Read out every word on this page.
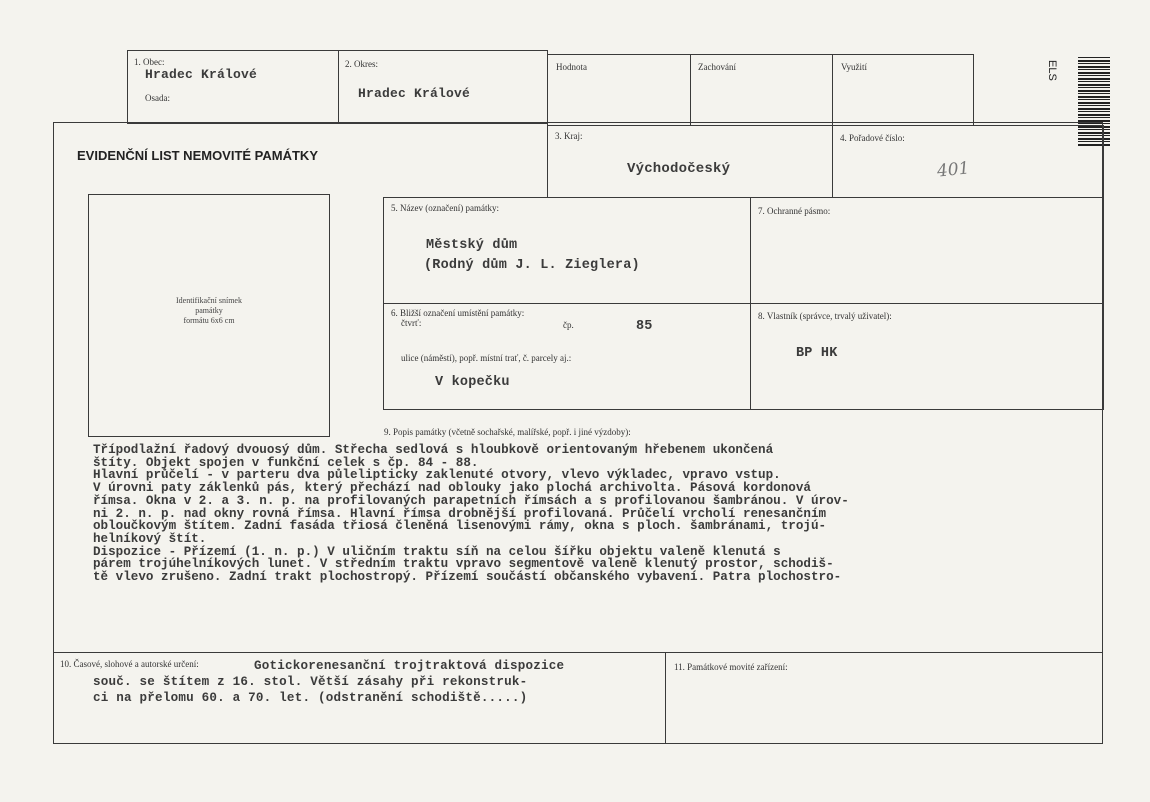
1. Obec:
Hradec Králové
Osada:
2. Okres:
Hradec Králové
Hodnota	Zachování	Využití	ELS
EVIDENČNÍ LIST NEMOVITÉ PAMÁTKY
3. Kraj:
Východočeský
4. Pořadové číslo:
401
Identifikační snímek
památky
formátu 6x6 cm
5. Název (označení) památky:
Městský dům
(Rodný dům J. L. Zieglera)
7. Ochranné pásmo:
6. Bližší označení umístění památky:
čtvrť:	čp.	85
ulice (náměstí), popř. místní trať, č. parcely aj.:
V kopečku
8. Vlastník (správce, trvalý uživatel):
BP HK
9. Popis památky (včetně sochařské, malířské, popř. i jiné výzdoby):

Třípodlažní řadový dvouosý dům. Střecha sedlová s hloubkově orientovaným hřebenem ukončená

štíty. Objekt spojen v funkční celek s čp. 84 - 88.

Hlavní průčelí - v parteru dva půlelipticky zaklenuté otvory, vlevo výkladec, vpravo vstup.

V úrovni paty záklenků pás, který přechází nad oblouky jako plochá archivolta. Pásová kordonová

římsa. Okna v 2. a 3. n. p. na profilovaných parapetních římsách a s profilovanou šambránou. V úrov-

ni 2. n. p. nad okny rovná římsa. Hlavní římsa drobnější profilovaná. Průčelí vrcholí renesančním

obloučkovým štítem. Zadní fasáda třiosá členěná lisenovými rámy, okna s ploch. šambránami, trojú-

helníkový štít.

Dispozice - Přízemí (1. n. p.) V uličním traktu síň na celou šířku objektu valeně klenutá s

párem trojúhelníkových lunet. V středním traktu vpravo segmentově valeně klenutý prostor, schodiš-

tě vlevo zrušeno. Zadní trakt plochostropý. Přízemí součástí občanského vybavení. Patra plochostro-

10. Časové, slohové a autorské určení:	Gotickorenesanční trojtraktová dispozice
souč. se štítem z 16. stol. Větší zásahy při rekonstruk-
ci na přelomu 60. a 70. let. (odstranění schodiště.....)
11. Památkové movité zařízení:
